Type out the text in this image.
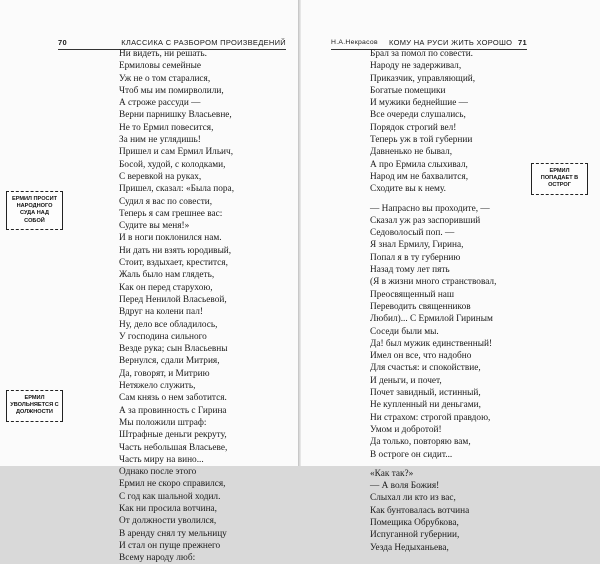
70	КЛАССИКА С РАЗБОРОМ ПРОИЗВЕДЕНИЙ
Ни видеть, ни решать.
Ермиловы семейные
Уж не о том старалися,
Чтоб мы им помирволили,
А строже рассуди —
Верни парнишку Власьевне,
Не то Ермил повесится,
За ним не углядишь!
Пришел и сам Ермил Ильич,
Босой, худой, с колодками,
С веревкой на руках,
Пришел, сказал: «Была пора,
Судил я вас по совести,
Теперь я сам грешнее вас:
Судите вы меня!»
И в ноги поклонился нам.
Ни дать ни взять юродивый,
Стоит, вздыхает, крестится,
Жаль было нам глядеть,
Как он перед старухою,
Перед Ненилой Власьевой,
Вдруг на колени пал!
Ну, дело все обладилось,
У господина сильного
Везде рука; сын Власьевны
Вернулся, сдали Митрия,
Да, говорят, и Митрию
Нетяжело служить,
Сам князь о нем заботится.
А за провинность с Гирина
Мы положили штраф:
Штрафные деньги рекруту,
Часть небольшая Власьеве,
Часть миру на вино...
Однако после этого
Ермил не скоро справился,
С год как шальной ходил.
Как ни просила вотчина,
От должности уволился,
В аренду снял ту мельницу
И стал он пуще прежнего
Всему народу люб:
ЕРМИЛ ПРОСИТ НАРОДНОГО СУДА НАД СОБОЙ
ЕРМИЛ УВОЛЬНЯЕТСЯ С ДОЛЖНОСТИ
Н.А.Некрасов КОМУ НА РУСИ ЖИТЬ ХОРОШО 71
Брал за помол по совести.
Народу не задерживал,
Приказчик, управляющий,
Богатые помещики
И мужики беднейшие —
Все очереди слушались,
Порядок строгий вел!
Теперь уж в той губернии
Давненько не бывал,
А про Ермила слыхивал,
Народ им не бахвалится,
Сходите вы к нему.
— Напрасно вы проходите, —
Сказал уж раз заспоривший
Седоволосый поп. —
Я знал Ермилу, Гирина,
Попал я в ту губернию
Назад тому лет пять
(Я в жизни много странствовал,
Преосвященный наш
Переводить священников
Любил)... С Ермилой Гириным
Соседи были мы.
Да! был мужик единственный!
Имел он все, что надобно
Для счастья: и спокойствие,
И деньги, и почет,
Почет завидный, истинный,
Не купленный ни деньгами,
Ни страхом: строгой правдою,
Умом и добротой!
Да только, повторяю вам,
В остроге он сидит...
«Как так?»
— А воля Божия!
Слыхал ли кто из вас,
Как бунтовалась вотчина
Помещика Обрубкова,
Испуганной губернии,
Уезда Недыханьева,
ЕРМИЛ ПОПАДАЕТ В ОСТРОГ
